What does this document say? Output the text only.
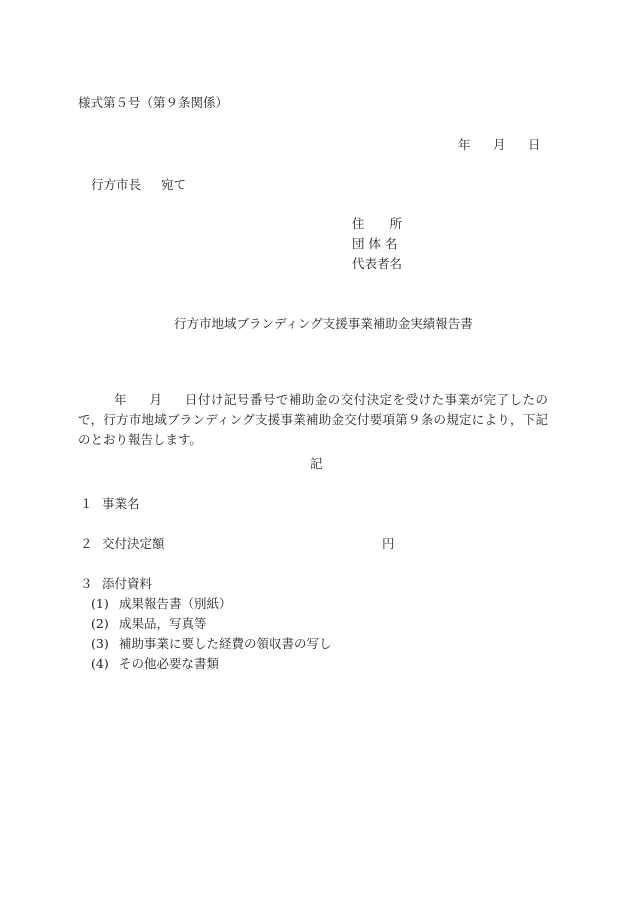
様式第５号（第９条関係）
年 月 日
行方市長 宛て
住　　所
団 体 名
代表者名
行方市地域ブランディング支援事業補助金実績報告書

年 月 日付け記号番号で補助金の交付決定を受けた事業が完了したので，行方市地域ブランディング支援事業補助金交付要項第９条の規定により，下記のとおり報告します。

記
１ 事業名
２ 交付決定額	円
３ 添付資料
(1) 成果報告書（別紙）
(2) 成果品，写真等
(3) 補助事業に要した経費の領収書の写し
(4) その他必要な書類
